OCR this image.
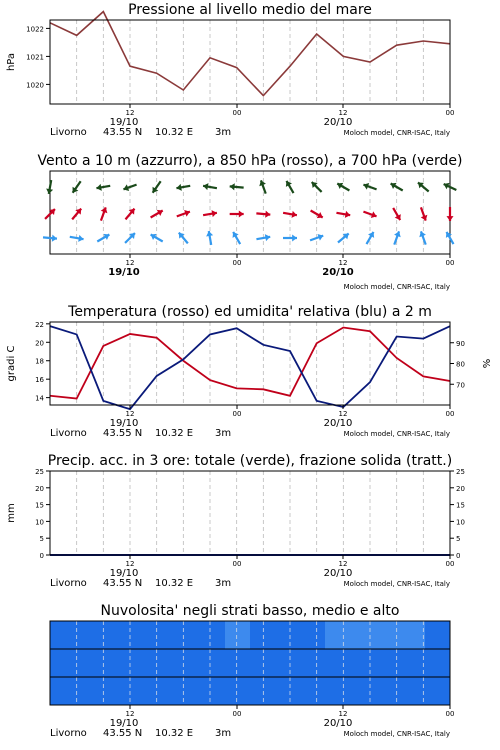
Pressione al livello medio del mare
1020
1021
1022
hPa
12	00	12	00
19/10	20/10
Livorno 43.55 N 10.32 E 3m	Moloch model, CNR-ISAC, Italy
Vento a 10 m (azzurro), a 850 hPa (rosso), a 700 hPa (verde)
12	00	12	00
19/10	20/10
Moloch model, CNR-ISAC, Italy
Temperatura (rosso) ed umidita' relativa (blu) a 2 m
14
16
18
20
22
70
80
90
gradi C	%
12	00	12	00
19/10	20/10
Livorno 43.55 N 10.32 E 3m	Moloch model, CNR-ISAC, Italy
Precip. acc. in 3 ore: totale (verde), frazione solida (tratt.)
0	0
5	5
10	10
15	15
20	20
25	25
mm
12	00	12	00
19/10	20/10
Livorno 43.55 N 10.32 E 3m	Moloch model, CNR-ISAC, Italy
Nuvolosita' negli strati basso, medio e alto
12	00	12	00
19/10	20/10
Livorno 43.55 N 10.32 E 3m	Moloch model, CNR-ISAC, Italy
